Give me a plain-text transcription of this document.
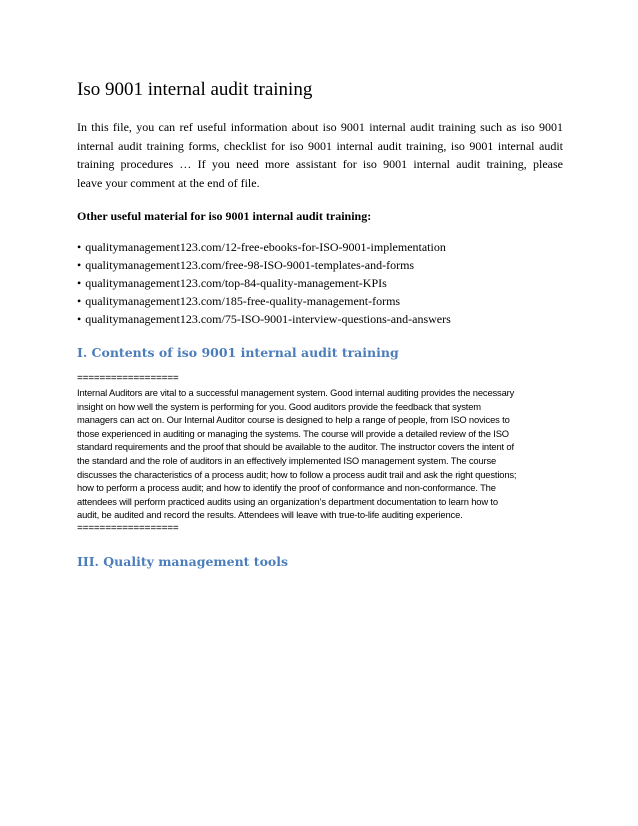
Iso 9001 internal audit training

In this file, you can ref useful information about iso 9001 internal audit training such as iso 9001
internal audit training forms, checklist for iso 9001 internal audit training, iso 9001 internal audit
training procedures … If you need more assistant for iso 9001 internal audit training, please
leave your comment at the end of file.

Other useful material for iso 9001 internal audit training:
• qualitymanagement123.com/12-free-ebooks-for-ISO-9001-implementation
• qualitymanagement123.com/free-98-ISO-9001-templates-and-forms
• qualitymanagement123.com/top-84-quality-management-KPIs
• qualitymanagement123.com/185-free-quality-management-forms
• qualitymanagement123.com/75-ISO-9001-interview-questions-and-answers
I. Contents of iso 9001 internal audit training
==================

Internal Auditors are vital to a successful management system. Good internal auditing provides the necessary
insight on how well the system is performing for you. Good auditors provide the feedback that system
managers can act on. Our Internal Auditor course is designed to help a range of people, from ISO novices to
those experienced in auditing or managing the systems. The course will provide a detailed review of the ISO
standard requirements and the proof that should be available to the auditor. The instructor covers the intent of
the standard and the role of auditors in an effectively implemented ISO management system. The course
discusses the characteristics of a process audit; how to follow a process audit trail and ask the right questions;
how to perform a process audit; and how to identify the proof of conformance and non-conformance. The
attendees will perform practiced audits using an organization’s department documentation to learn how to
audit, be audited and record the results. Attendees will leave with true-to-life auditing experience.

==================
III. Quality management tools
